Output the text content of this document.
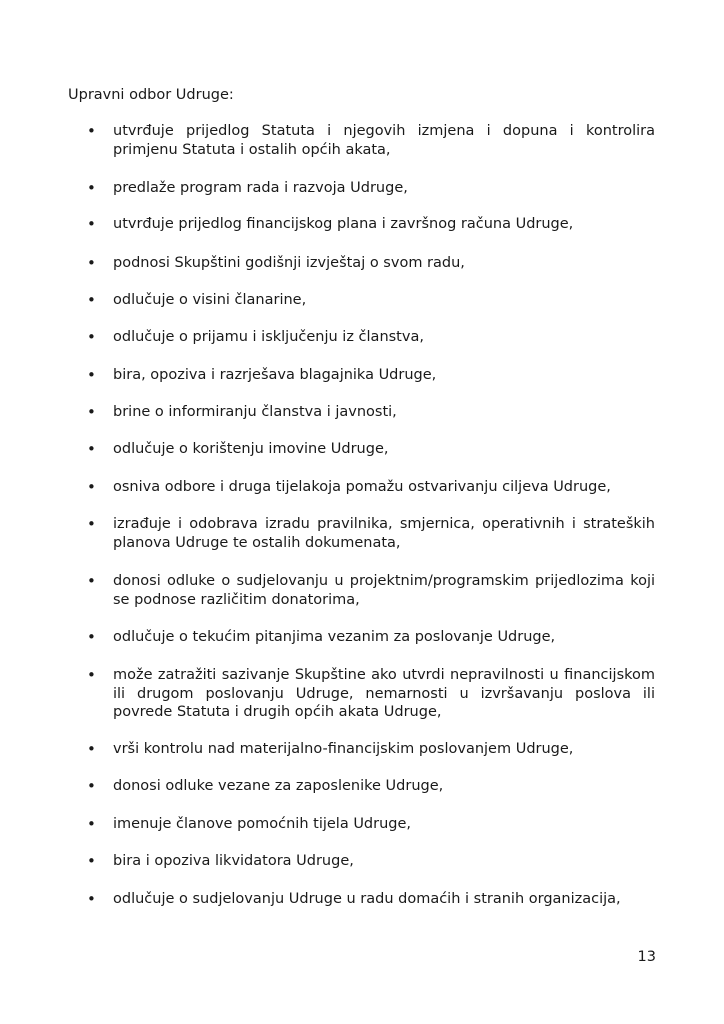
Upravni odbor Udruge:

• utvrđuje prijedlog Statuta i njegovih izmjena i dopuna i kontrolira primjenu Statuta i ostalih općih akata,

• predlaže program rada i razvoja Udruge,

• utvrđuje prijedlog financijskog plana i završnog računa Udruge,

• podnosi Skupštini godišnji izvještaj o svom radu,

• odlučuje o visini članarine,

• odlučuje o prijamu i isključenju iz članstva,

• bira, opoziva i razrješava blagajnika Udruge,

• brine o informiranju članstva i javnosti,

• odlučuje o korištenju imovine Udruge,

• osniva odbore i druga tijelakoja pomažu ostvarivanju ciljeva Udruge,

• izrađuje i odobrava izradu pravilnika, smjernica, operativnih i strateških planova Udruge te ostalih dokumenata,

• donosi odluke o sudjelovanju u projektnim/programskim prijedlozima koji se podnose različitim donatorima,

• odlučuje o tekućim pitanjima vezanim za poslovanje Udruge,

• može zatražiti sazivanje Skupštine ako utvrdi nepravilnosti u financijskom ili drugom poslovanju Udruge, nemarnosti u izvršavanju poslova ili povrede Statuta i drugih općih akata Udruge,

• vrši kontrolu nad materijalno-financijskim poslovanjem Udruge,

• donosi odluke vezane za zaposlenike Udruge,

• imenuje članove pomoćnih tijela Udruge,

• bira i opoziva likvidatora Udruge,

• odlučuje o sudjelovanju Udruge u radu domaćih i stranih organizacija,

13
